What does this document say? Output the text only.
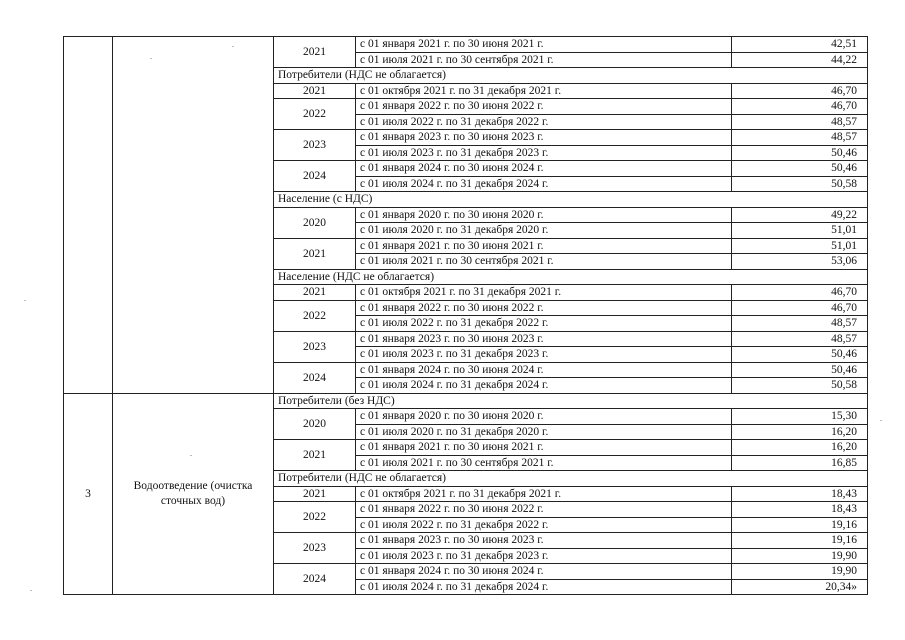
		2021	с 01 января 2021 г. по 30 июня 2021 г.	42,51
			с 01 июля 2021 г. по 30 сентября 2021 г.	44,22
		Потребители (НДС не облагается)		
		2021	с 01 октября 2021 г. по 31 декабря 2021 г.	46,70
		2022	с 01 января 2022 г. по 30 июня 2022 г.	46,70
			с 01 июля 2022 г. по 31 декабря 2022 г.	48,57
		2023	с 01 января 2023 г. по 30 июня 2023 г.	48,57
			с 01 июля 2023 г. по 31 декабря 2023 г.	50,46
		2024	с 01 января 2024 г. по 30 июня 2024 г.	50,46
			с 01 июля 2024 г. по 31 декабря 2024 г.	50,58
		Население (с НДС)		
		2020	с 01 января 2020 г. по 30 июня 2020 г.	49,22
			с 01 июля 2020 г. по 31 декабря 2020 г.	51,01
		2021	с 01 января 2021 г. по 30 июня 2021 г.	51,01
			с 01 июля 2021 г. по 30 сентября 2021 г.	53,06
		Население (НДС не облагается)		
		2021	с 01 октября 2021 г. по 31 декабря 2021 г.	46,70
		2022	с 01 января 2022 г. по 30 июня 2022 г.	46,70
			с 01 июля 2022 г. по 31 декабря 2022 г.	48,57
		2023	с 01 января 2023 г. по 30 июня 2023 г.	48,57
			с 01 июля 2023 г. по 31 декабря 2023 г.	50,46
		2024	с 01 января 2024 г. по 30 июня 2024 г.	50,46
			с 01 июля 2024 г. по 31 декабря 2024 г.	50,58
3	Водоотведение (очистка сточных вод)	Потребители (без НДС)		
		2020	с 01 января 2020 г. по 30 июня 2020 г.	15,30
			с 01 июля 2020 г. по 31 декабря 2020 г.	16,20
		2021	с 01 января 2021 г. по 30 июня 2021 г.	16,20
			с 01 июля 2021 г. по 30 сентября 2021 г.	16,85
		Потребители (НДС не облагается)		
		2021	с 01 октября 2021 г. по 31 декабря 2021 г.	18,43
		2022	с 01 января 2022 г. по 30 июня 2022 г.	18,43
			с 01 июля 2022 г. по 31 декабря 2022 г.	19,16
		2023	с 01 января 2023 г. по 30 июня 2023 г.	19,16
			с 01 июля 2023 г. по 31 декабря 2023 г.	19,90
		2024	с 01 января 2024 г. по 30 июня 2024 г.	19,90
			с 01 июля 2024 г. по 31 декабря 2024 г.	20,34»
